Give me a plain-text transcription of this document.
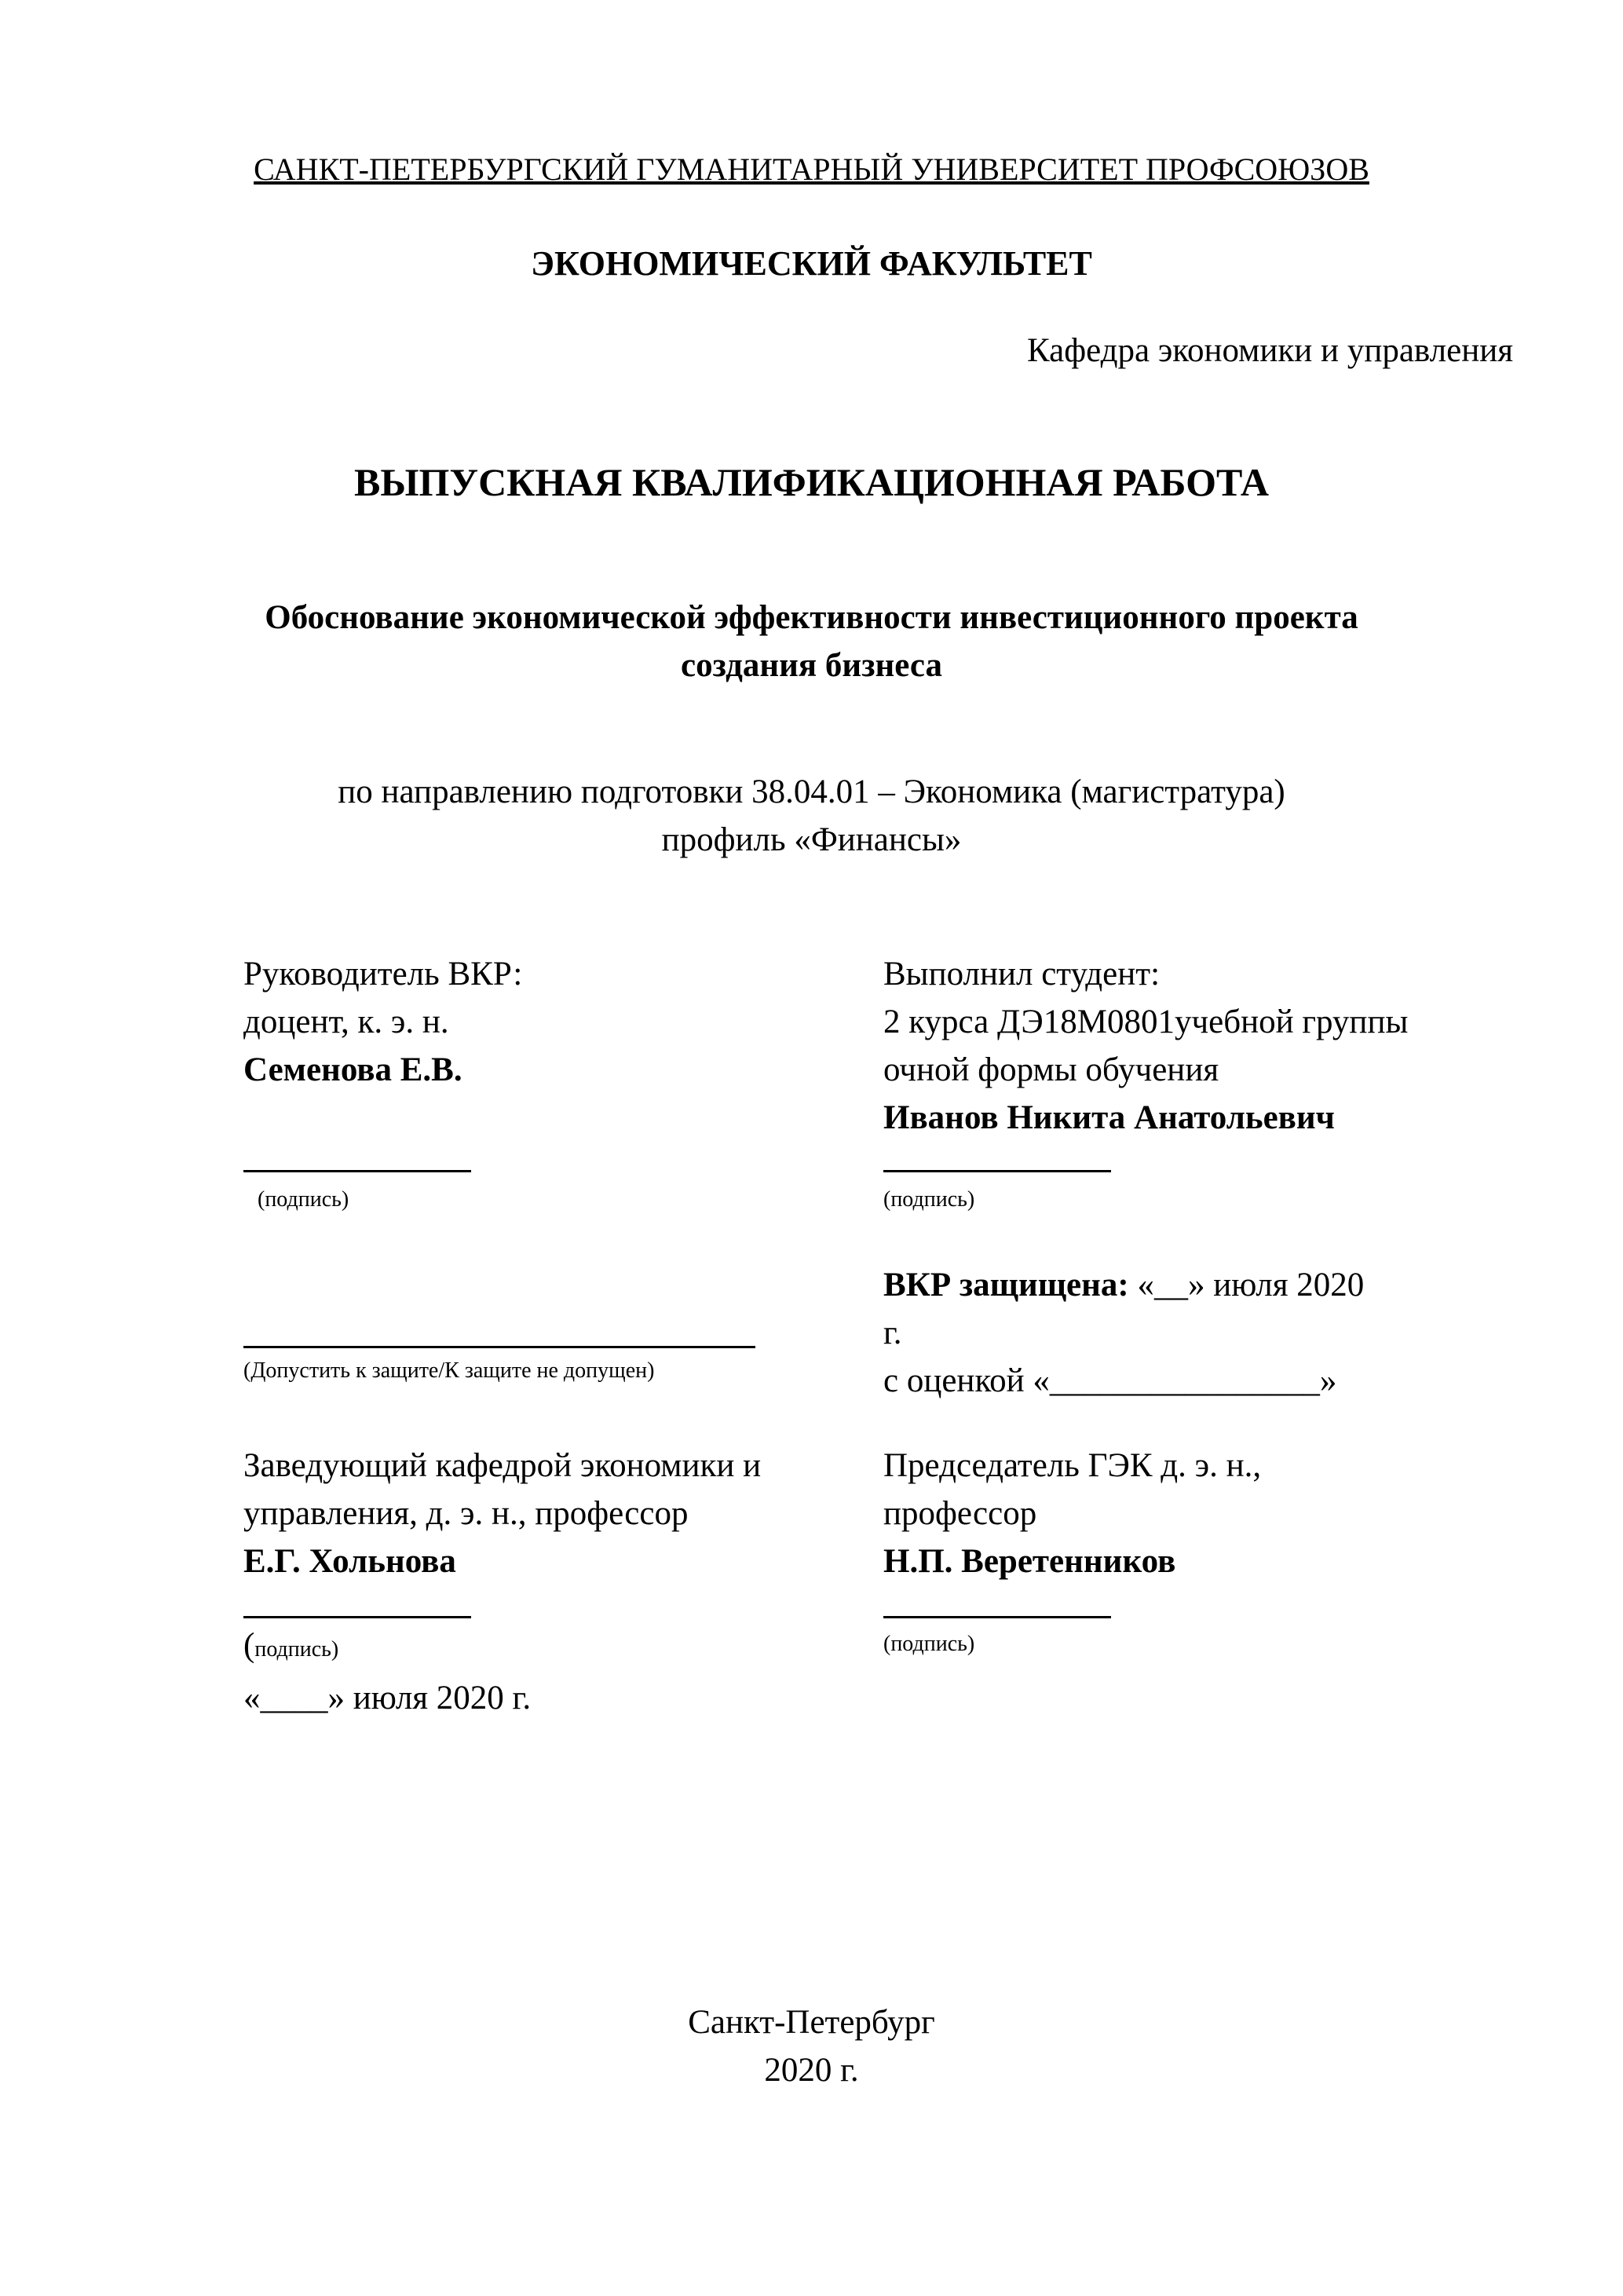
САНКТ-ПЕТЕРБУРГСКИЙ ГУМАНИТАРНЫЙ УНИВЕРСИТЕТ ПРОФСОЮЗОВ
ЭКОНОМИЧЕСКИЙ ФАКУЛЬТЕТ
Кафедра экономики и управления
ВЫПУСКНАЯ КВАЛИФИКАЦИОННАЯ РАБОТА
Обоснование экономической эффективности инвестиционного проекта
создания бизнеса
по направлению подготовки 38.04.01 – Экономика (магистратура)
профиль «Финансы»
Руководитель ВКР:
доцент, к. э. н.
Семенова Е.В.
(подпись)
Выполнил студент:
2 курса ДЭ18М0801учебной группы
очной формы обучения
Иванов Никита Анатольевич
(подпись)
(Допустить к защите/К защите не допущен)
ВКР защищена: «__» июля 2020
г.
с оценкой «________________»
Заведующий кафедрой экономики и
управления, д. э. н., профессор
Е.Г. Хольнова
(подпись)
«____» июля 2020 г.
Председатель ГЭК д. э. н.,
профессор
Н.П. Веретенников
(подпись)
Санкт-Петербург
2020 г.
